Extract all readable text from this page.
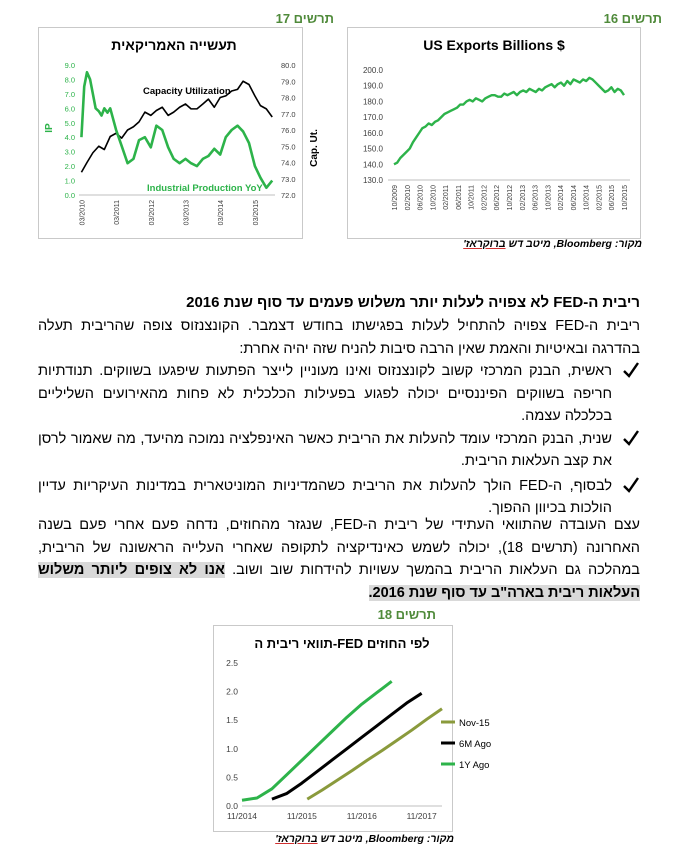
תרשים 16
תרשים 17
תעשייה האמריקאית
0.0
1.0
2.0
3.0
4.0
5.0
6.0
7.0
8.0
9.0
72.0
73.0
74.0
75.0
76.0
77.0
78.0
79.0
80.0
Capacity Utilization
Industrial Production YoY
03/2010	03/2011	03/2012	03/2013	03/2014	03/2015
IP
Cap. Ut.
US Exports Billions $
130.0
140.0
150.0
160.0
170.0
180.0
190.0
200.0
10/2009 02/2010 06/2010 10/2010 02/2011 06/2011 10/2011 02/2012 06/2012 10/2012 02/2013 06/2013 10/2013 02/2014 06/2014 10/2014 02/2015 06/2015 10/2015
מקור: Bloomberg, מיטב דש ברוקראז'
ריבית ה-FED לא צפויה לעלות יותר משלוש פעמים עד סוף שנת 2016
ריבית ה-FED צפויה להתחיל לעלות בפגישתו בחודש דצמבר. הקונצנזוס צופה שהריבית תעלה בהדרגה ובאיטיות והאמת שאין הרבה סיבות להניח שזה יהיה אחרת:
ראשית, הבנק המרכזי קשוב לקונצנזוס ואינו מעוניין לייצר הפתעות שיפגעו בשווקים. תנודתיות חריפה בשווקים הפיננסיים יכולה לפגוע בפעילות הכלכלית לא פחות מהאירועים השליליים בכלכלה עצמה.
שנית, הבנק המרכזי עומד להעלות את הריבית כאשר האינפלציה נמוכה מהיעד, מה שאמור לרסן את קצב העלאות הריבית.
לבסוף, ה-FED הולך להעלות את הריבית כשהמדיניות המוניטארית במדינות העיקריות עדיין הולכות בכיוון ההפוך.
עצם העובדה שהתוואי העתידי של ריבית ה-FED, שנגזר מהחוזים, נדחה פעם אחרי פעם בשנה האחרונה (תרשים 18), יכולה לשמש כאינדיקציה לתקופה שאחרי העלייה הראשונה של הריבית, במהלכה גם העלאות הריבית בהמשך עשויות להידחות שוב ושוב. אנו לא צופים ליותר משלוש העלאות ריבית בארה"ב עד סוף שנת 2016.
תרשים 18
תוואי ריבית ה-FED לפי החוזים
0.0
0.5
1.0
1.5
2.0
2.5
11/2014	11/2015	11/2016	11/2017
Nov-15
6M Ago
1Y Ago
מקור: Bloomberg, מיטב דש ברוקראז'
